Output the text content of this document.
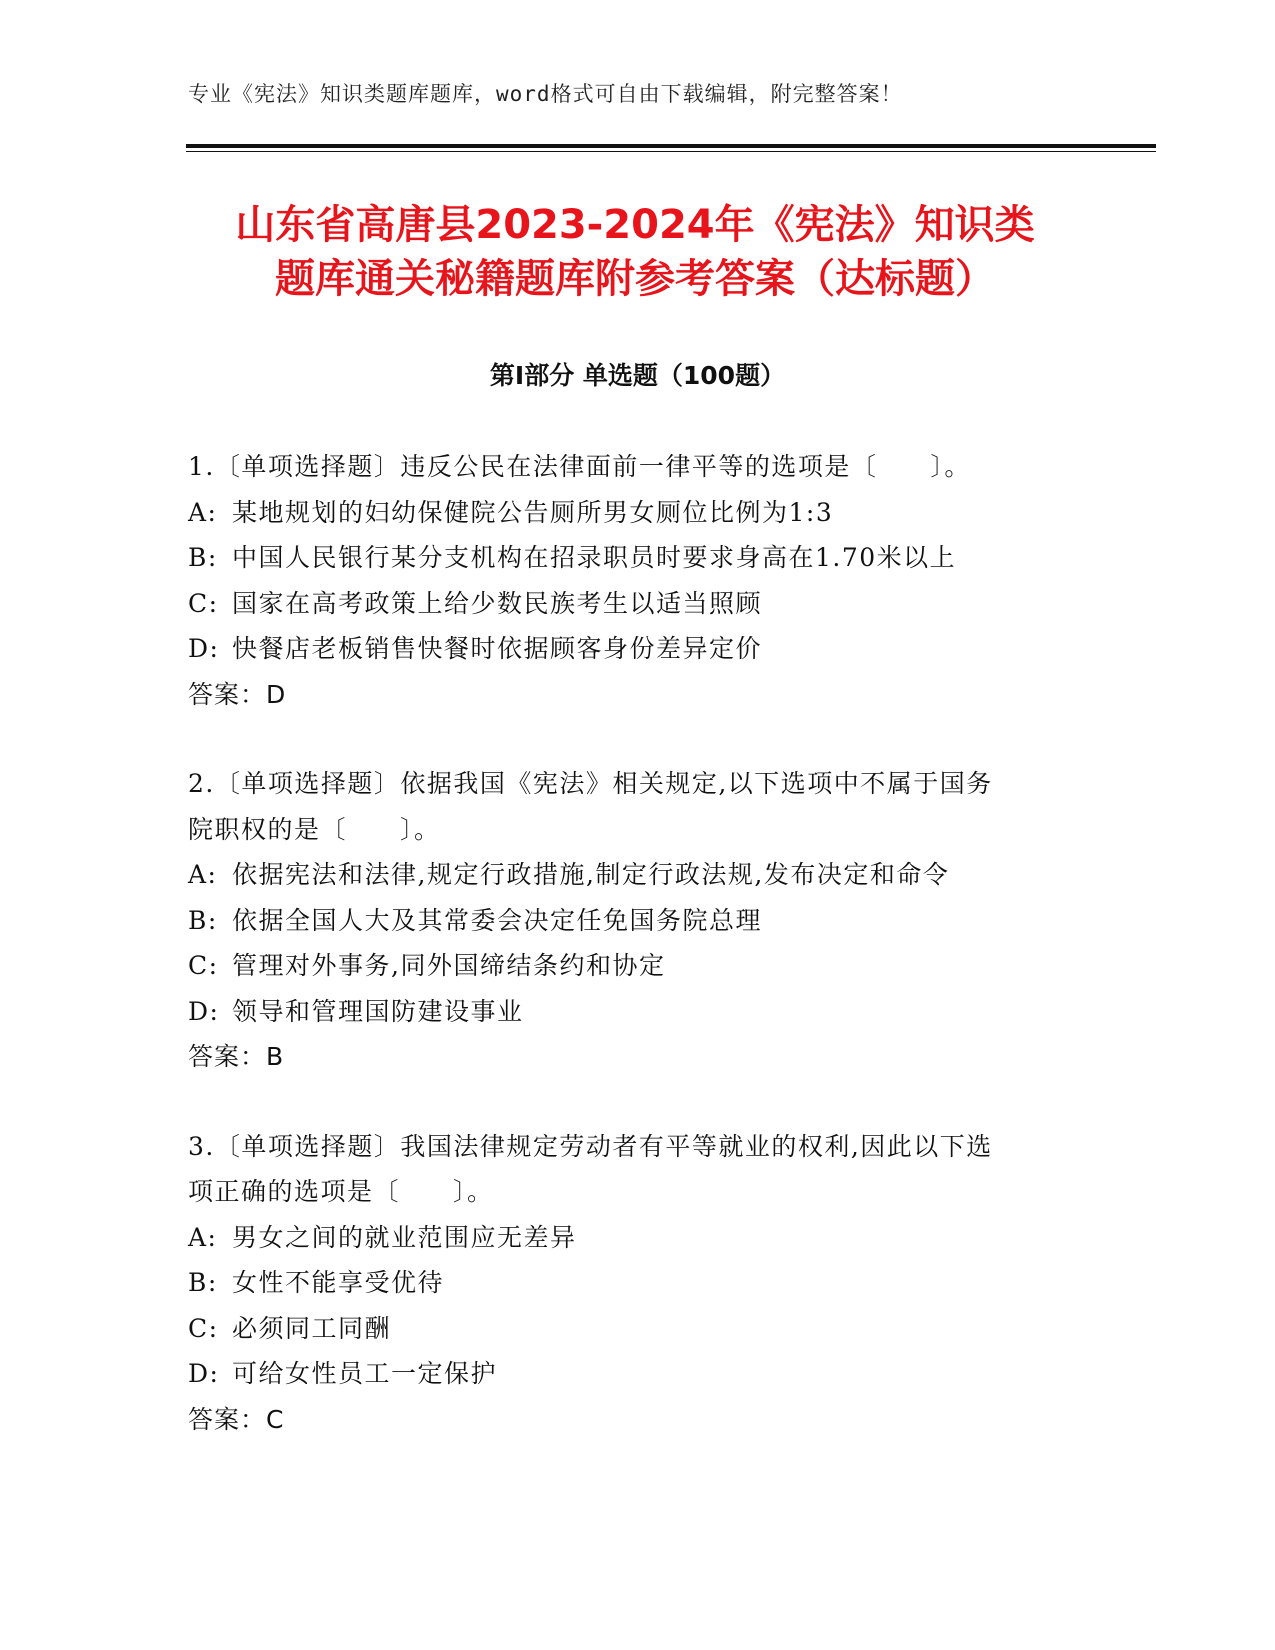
专业《宪法》知识类题库题库，word格式可自由下载编辑，附完整答案！
山东省高唐县2023-2024年《宪法》知识类
题库通关秘籍题库附参考答案（达标题）
第Ⅰ部分 单选题（100题）
1.〔单项选择题〕违反公民在法律面前一律平等的选项是〔　　〕。
A: 某地规划的妇幼保健院公告厕所男女厕位比例为1:3
B: 中国人民银行某分支机构在招录职员时要求身高在1.70米以上
C: 国家在高考政策上给少数民族考生以适当照顾
D: 快餐店老板销售快餐时依据顾客身份差异定价
答案：D
2.〔单项选择题〕依据我国《宪法》相关规定,以下选项中不属于国务
院职权的是〔　　〕。
A: 依据宪法和法律,规定行政措施,制定行政法规,发布决定和命令
B: 依据全国人大及其常委会决定任免国务院总理
C: 管理对外事务,同外国缔结条约和协定
D: 领导和管理国防建设事业
答案：B
3.〔单项选择题〕我国法律规定劳动者有平等就业的权利,因此以下选
项正确的选项是〔　　〕。
A: 男女之间的就业范围应无差异
B: 女性不能享受优待
C: 必须同工同酬
D: 可给女性员工一定保护
答案：C
